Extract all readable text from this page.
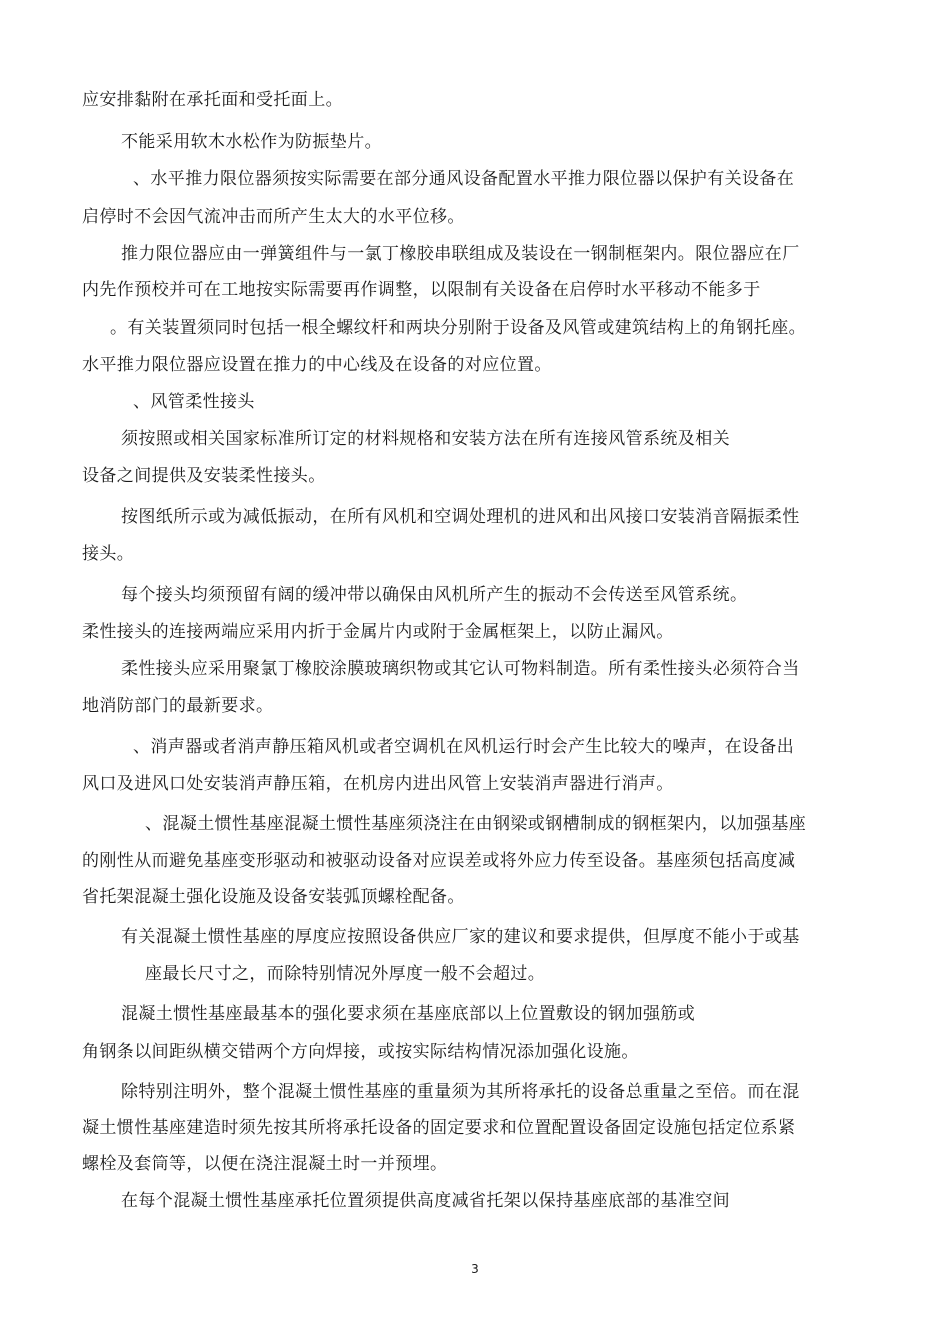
应安排黏附在承托面和受托面上。
不能采用软木水松作为防振垫片。
、水平推力限位器须按实际需要在部分通风设备配置水平推力限位器以保护有关设备在
启停时不会因气流冲击而所产生太大的水平位移。
推力限位器应由一弹簧组件与一氯丁橡胶串联组成及装设在一钢制框架内。限位器应在厂
内先作预校并可在工地按实际需要再作调整，以限制有关设备在启停时水平移动不能多于
。有关装置须同时包括一根全螺纹杆和两块分别附于设备及风管或建筑结构上的角钢托座。
水平推力限位器应设置在推力的中心线及在设备的对应位置。
、风管柔性接头
须按照或相关国家标准所订定的材料规格和安装方法在所有连接风管系统及相关
设备之间提供及安装柔性接头。
按图纸所示或为减低振动，在所有风机和空调处理机的进风和出风接口安装消音隔振柔性
接头。
每个接头均须预留有阔的缓冲带以确保由风机所产生的振动不会传送至风管系统。
柔性接头的连接两端应采用内折于金属片内或附于金属框架上，以防止漏风。
柔性接头应采用聚氯丁橡胶涂膜玻璃织物或其它认可物料制造。所有柔性接头必须符合当
地消防部门的最新要求。
、消声器或者消声静压箱风机或者空调机在风机运行时会产生比较大的噪声，在设备出
风口及进风口处安装消声静压箱，在机房内进出风管上安装消声器进行消声。
、混凝土惯性基座混凝土惯性基座须浇注在由钢梁或钢槽制成的钢框架内，以加强基座
的刚性从而避免基座变形驱动和被驱动设备对应误差或将外应力传至设备。基座须包括高度减
省托架混凝土强化设施及设备安装弧顶螺栓配备。
有关混凝土惯性基座的厚度应按照设备供应厂家的建议和要求提供，但厚度不能小于或基
座最长尺寸之，而除特别情况外厚度一般不会超过。
混凝土惯性基座最基本的强化要求须在基座底部以上位置敷设的钢加强筋或
角钢条以间距纵横交错两个方向焊接，或按实际结构情况添加强化设施。
除特别注明外，整个混凝土惯性基座的重量须为其所将承托的设备总重量之至倍。而在混
凝土惯性基座建造时须先按其所将承托设备的固定要求和位置配置设备固定设施包括定位系紧
螺栓及套筒等，以便在浇注混凝土时一并预埋。
在每个混凝土惯性基座承托位置须提供高度减省托架以保持基座底部的基准空间
3
